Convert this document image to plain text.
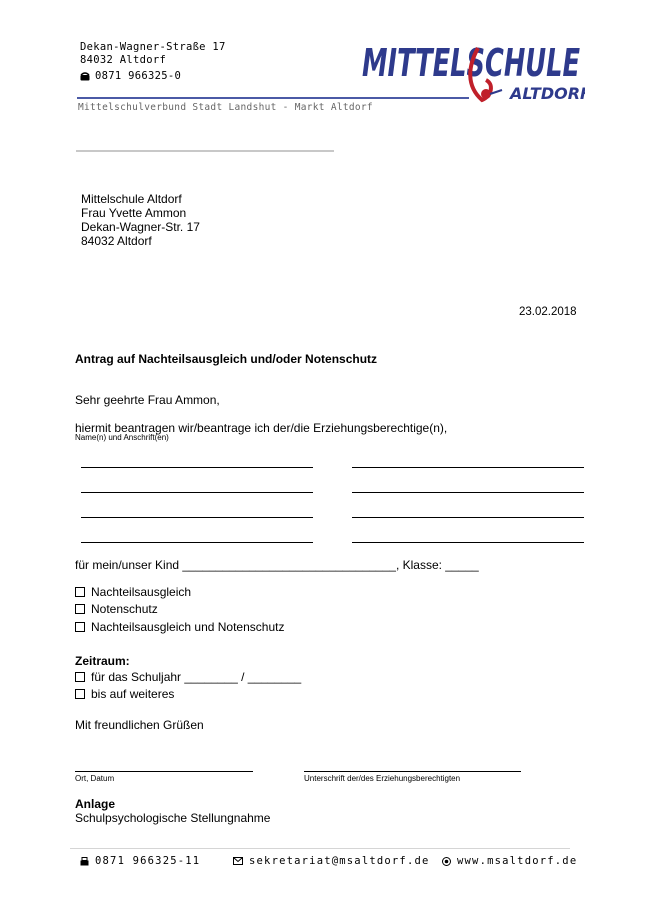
Dekan-Wagner-Straße 17
84032 Altdorf
0871 966325-0	MITTELSCHULE
ALTDORF
Mittelschulverbund Stadt Landshut - Markt Altdorf
Mittelschule Altdorf
Frau Yvette Ammon
Dekan-Wagner-Str. 17
84032 Altdorf
23.02.2018
Antrag auf Nachteilsausgleich und/oder Notenschutz
Sehr geehrte Frau Ammon,
hiermit beantragen wir/beantrage ich der/die Erziehungsberechtige(n),
Name(n) und Anschrift(en)
für mein/unser Kind ________________________________, Klasse: _____
Nachteilsausgleich
Notenschutz
Nachteilsausgleich und Notenschutz
Zeitraum:
für das Schuljahr ________ / ________
bis auf weiteres
Mit freundlichen Grüßen
Ort, Datum	Unterschrift der/des Erziehungsberechtigten
Anlage
Schulpsychologische Stellungnahme
0871 966325-11	sekretariat@msaltdorf.de	www.msaltdorf.de
